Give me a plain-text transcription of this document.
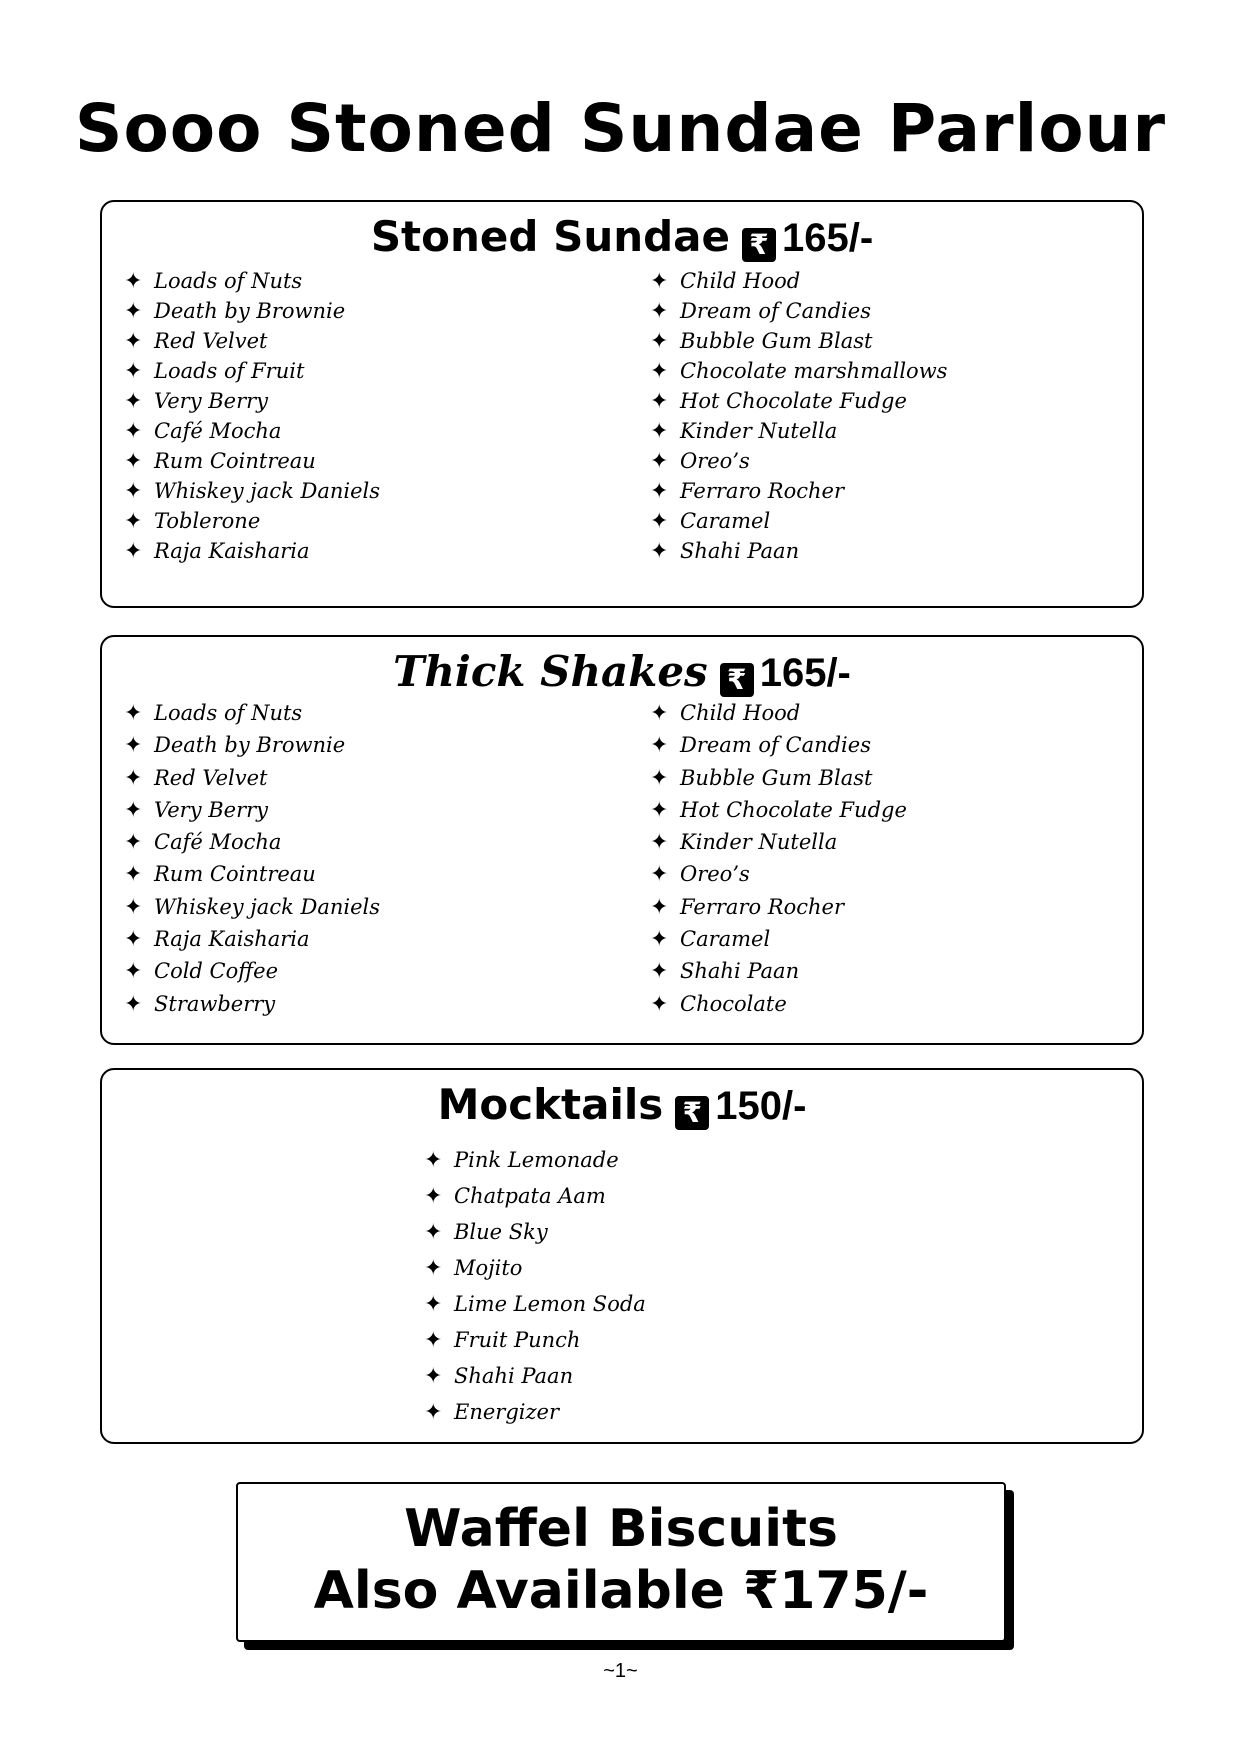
Sooo Stoned Sundae Parlour
Stoned Sundae ₹ 165/-
✦ Loads of Nuts
✦ Death by Brownie
✦ Red Velvet
✦ Loads of Fruit
✦ Very Berry
✦ Café Mocha
✦ Rum Cointreau
✦ Whiskey jack Daniels
✦ Toblerone
✦ Raja Kaisharia
✦ Child Hood
✦ Dream of Candies
✦ Bubble Gum Blast
✦ Chocolate marshmallows
✦ Hot Chocolate Fudge
✦ Kinder Nutella
✦ Oreo’s
✦ Ferraro Rocher
✦ Caramel
✦ Shahi Paan
Thick Shakes ₹ 165/-
✦ Loads of Nuts
✦ Death by Brownie
✦ Red Velvet
✦ Very Berry
✦ Café Mocha
✦ Rum Cointreau
✦ Whiskey jack Daniels
✦ Raja Kaisharia
✦ Cold Coffee
✦ Strawberry
✦ Child Hood
✦ Dream of Candies
✦ Bubble Gum Blast
✦ Hot Chocolate Fudge
✦ Kinder Nutella
✦ Oreo’s
✦ Ferraro Rocher
✦ Caramel
✦ Shahi Paan
✦ Chocolate
Mocktails ₹ 150/-
✦ Pink Lemonade
✦ Chatpata Aam
✦ Blue Sky
✦ Mojito
✦ Lime Lemon Soda
✦ Fruit Punch
✦ Shahi Paan
✦ Energizer
Waffel Biscuits
Also Available ₹175/-
~1~
